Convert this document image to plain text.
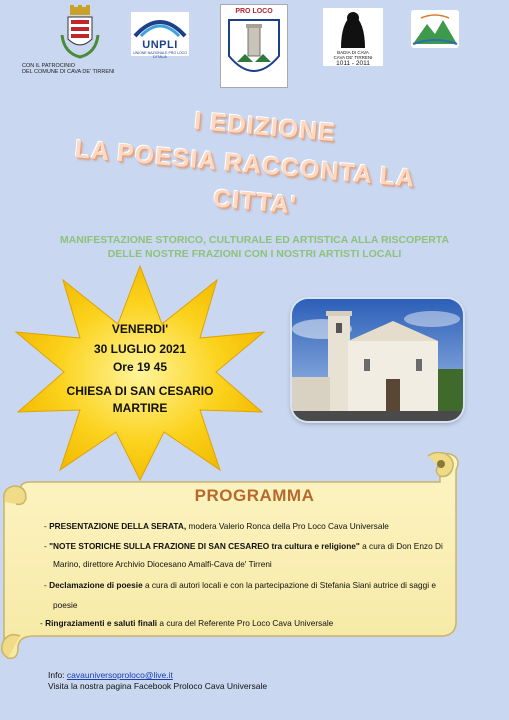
CON IL PATROCINIO
DEL COMUNE DI CAVA DE' TIRRENI
UNPLI
UNIONE NAZIONALE PRO LOCO D'ITALIA
PRO LOCO
BADIA DI CAVA
CAVA DE' TIRRENI
1011 - 2011
I EDIZIONE
LA POESIA RACCONTA LA
CITTA'
MANIFESTAZIONE STORICO, CULTURALE ED ARTISTICA ALLA RISCOPERTA
DELLE NOSTRE FRAZIONI CON I NOSTRI ARTISTI LOCALI
VENERDI'
30 LUGLIO 2021
Ore 19 45
CHIESA DI SAN CESARIO
MARTIRE
PROGRAMMA
- PRESENTAZIONE DELLA SERATA, modera Valerio Ronca della Pro Loco Cava Universale
- "NOTE STORICHE SULLA FRAZIONE DI SAN CESAREO tra cultura e religione" a cura di Don Enzo Di
Marino, direttore Archivio Diocesano Amalfi-Cava de' Tirreni
- Declamazione di poesie a cura di autori locali e con la partecipazione di Stefania Siani autrice di saggi e
poesie
- Ringraziamenti e saluti finali a cura del Referente Pro Loco Cava Universale
Info: cavauniversoproloco@live.it
Visita la nostra pagina Facebook Proloco Cava Universale
